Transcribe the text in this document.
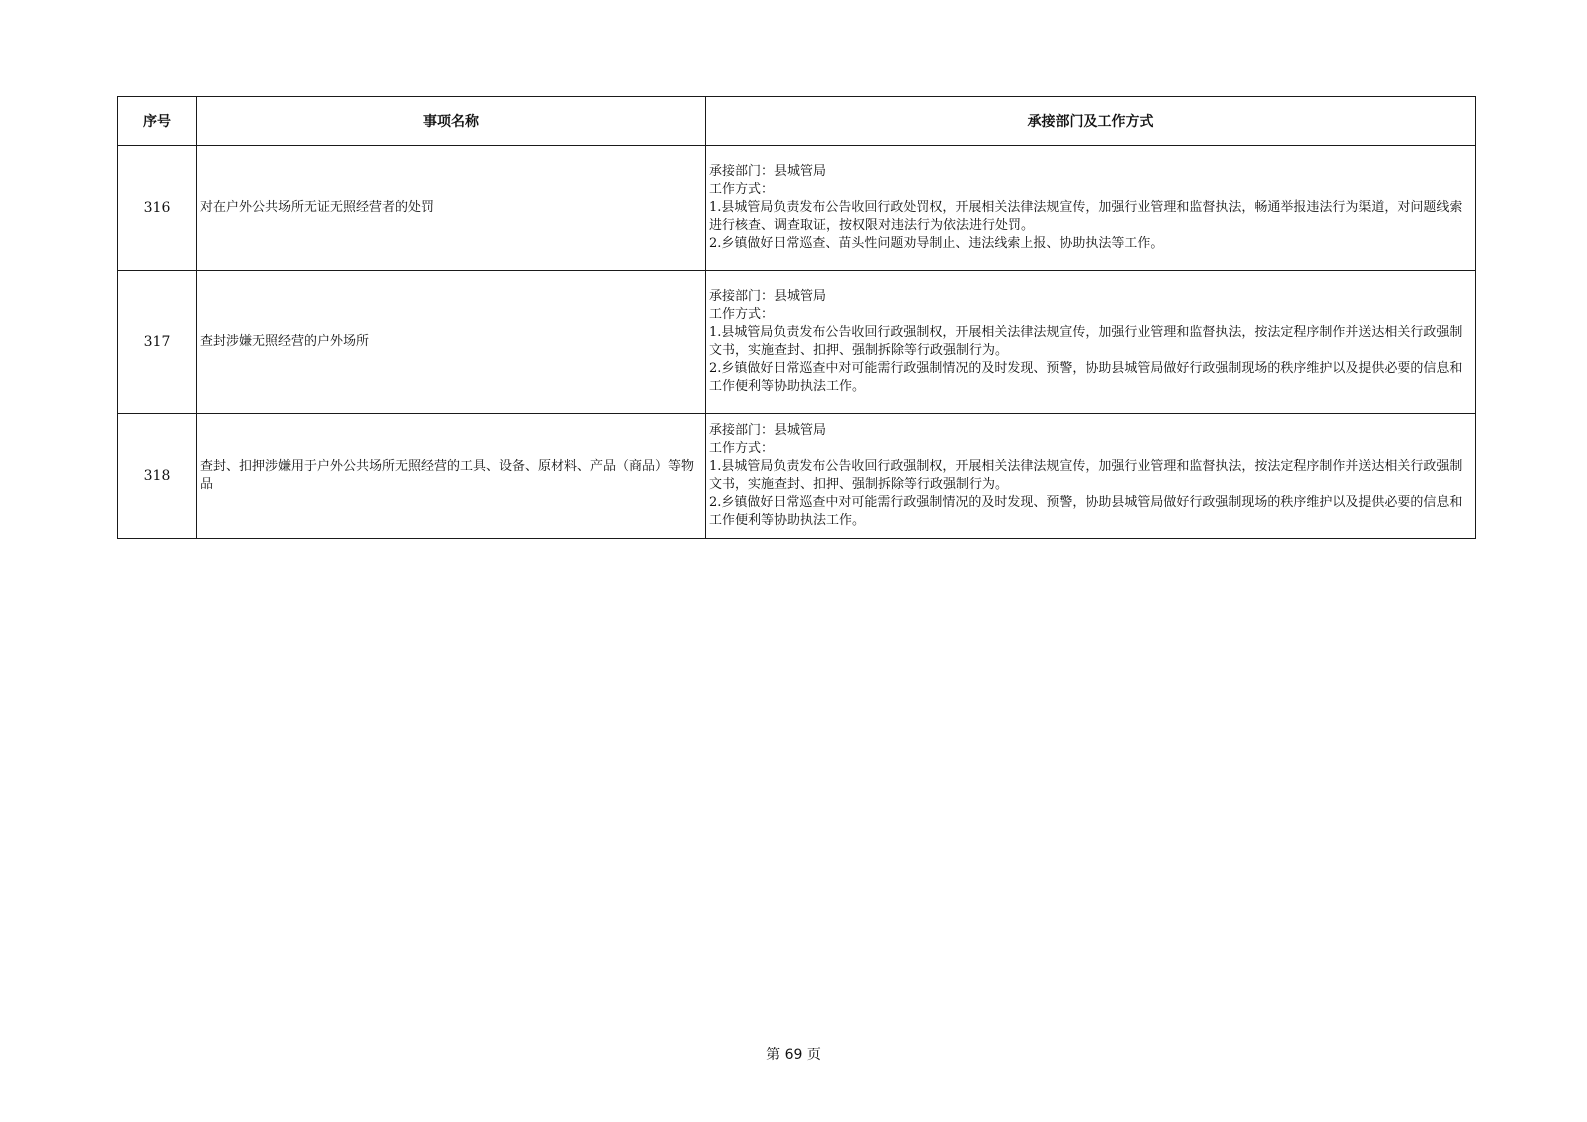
序号	事项名称	承接部门及工作方式
316	对在户外公共场所无证无照经营者的处罚	承接部门：县城管局
工作方式：
1.县城管局负责发布公告收回行政处罚权，开展相关法律法规宣传，加强行业管理和监督执法，畅通举报违法行为渠道，对问题线索进行核查、调查取证，按权限对违法行为依法进行处罚。
2.乡镇做好日常巡查、苗头性问题劝导制止、违法线索上报、协助执法等工作。

317	查封涉嫌无照经营的户外场所	承接部门：县城管局
工作方式：
1.县城管局负责发布公告收回行政强制权，开展相关法律法规宣传，加强行业管理和监督执法，按法定程序制作并送达相关行政强制文书，实施查封、扣押、强制拆除等行政强制行为。
2.乡镇做好日常巡查中对可能需行政强制情况的及时发现、预警，协助县城管局做好行政强制现场的秩序维护以及提供必要的信息和工作便利等协助执法工作。

318	查封、扣押涉嫌用于户外公共场所无照经营的工具、设备、原材料、产品（商品）等物品	承接部门：县城管局
工作方式：
1.县城管局负责发布公告收回行政强制权，开展相关法律法规宣传，加强行业管理和监督执法，按法定程序制作并送达相关行政强制文书，实施查封、扣押、强制拆除等行政强制行为。
2.乡镇做好日常巡查中对可能需行政强制情况的及时发现、预警，协助县城管局做好行政强制现场的秩序维护以及提供必要的信息和工作便利等协助执法工作。
第 69 页
